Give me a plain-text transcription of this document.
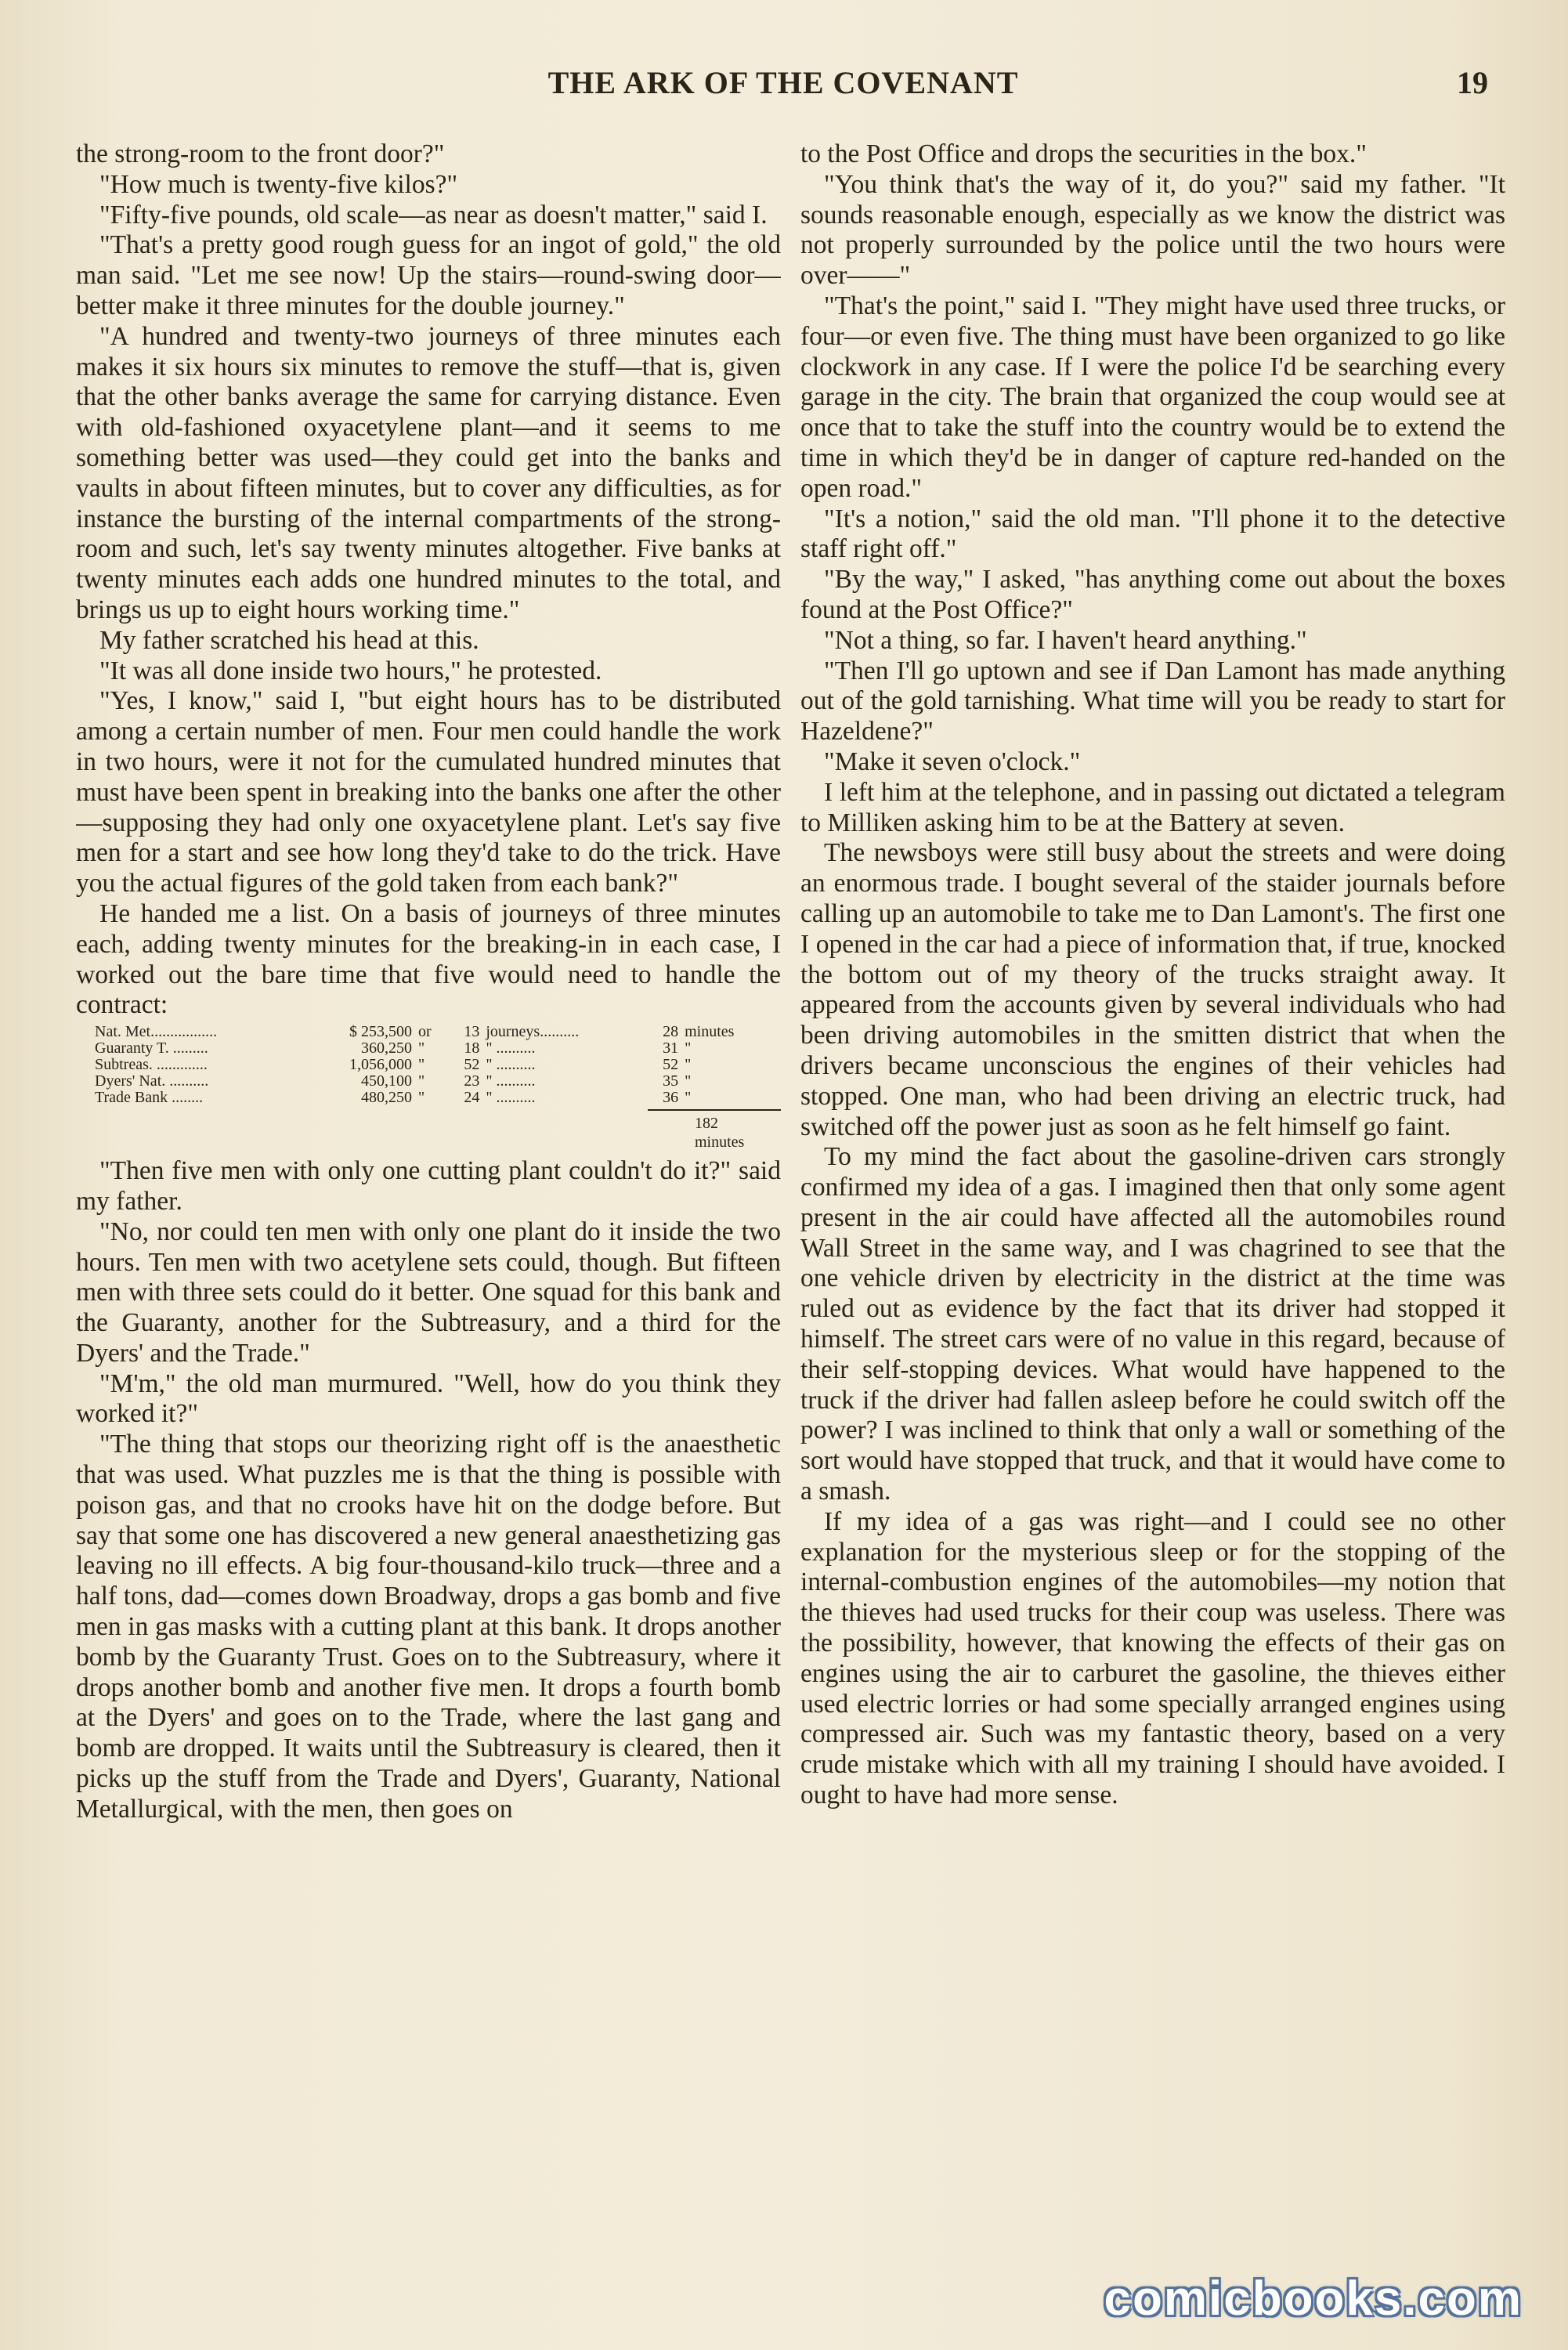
THE ARK OF THE COVENANT	19

the strong-room to the front door?"

"How much is twenty-five kilos?"

"Fifty-five pounds, old scale—as near as doesn't matter," said I.

"That's a pretty good rough guess for an ingot of gold," the old man said. "Let me see now! Up the stairs—round-swing door—better make it three minutes for the double journey."

"A hundred and twenty-two journeys of three minutes each makes it six hours six minutes to remove the stuff—that is, given that the other banks average the same for carrying distance. Even with old-fashioned oxyacetylene plant—and it seems to me something better was used—they could get into the banks and vaults in about fifteen minutes, but to cover any difficulties, as for instance the bursting of the internal compartments of the strong-room and such, let's say twenty minutes altogether. Five banks at twenty minutes each adds one hundred minutes to the total, and brings us up to eight hours working time."

My father scratched his head at this.

"It was all done inside two hours," he protested.

"Yes, I know," said I, "but eight hours has to be distributed among a certain number of men. Four men could handle the work in two hours, were it not for the cumulated hundred minutes that must have been spent in breaking into the banks one after the other—supposing they had only one oxyacetylene plant. Let's say five men for a start and see how long they'd take to do the trick. Have you the actual figures of the gold taken from each bank?"

He handed me a list. On a basis of journeys of three minutes each, adding twenty minutes for the breaking-in in each case, I worked out the bare time that five would need to handle the contract:

Nat. Met.................	$ 253,500	or	13	journeys..........	28	minutes
Guaranty T. .........	360,250	"	18	" ..........	31	"
Subtreas. .............	1,056,000	"	52	" ..........	52	"
Dyers' Nat. ..........	450,100	"	23	" ..........	35	"
Trade Bank ........	480,250	"	24	" ..........	36	"
182 minutes

"Then five men with only one cutting plant couldn't do it?" said my father.

"No, nor could ten men with only one plant do it inside the two hours. Ten men with two acetylene sets could, though. But fifteen men with three sets could do it better. One squad for this bank and the Guaranty, another for the Subtreasury, and a third for the Dyers' and the Trade."

"M'm," the old man murmured. "Well, how do you think they worked it?"

"The thing that stops our theorizing right off is the anaesthetic that was used. What puzzles me is that the thing is possible with poison gas, and that no crooks have hit on the dodge before. But say that some one has discovered a new general anaesthetizing gas leaving no ill effects. A big four-thousand-kilo truck—three and a half tons, dad—comes down Broadway, drops a gas bomb and five men in gas masks with a cutting plant at this bank. It drops another bomb by the Guaranty Trust. Goes on to the Subtreasury, where it drops another bomb and another five men. It drops a fourth bomb at the Dyers' and goes on to the Trade, where the last gang and bomb are dropped. It waits until the Subtreasury is cleared, then it picks up the stuff from the Trade and Dyers', Guaranty, National Metallurgical, with the men, then goes on

to the Post Office and drops the securities in the box."

"You think that's the way of it, do you?" said my father. "It sounds reasonable enough, especially as we know the district was not properly surrounded by the police until the two hours were over——"

"That's the point," said I. "They might have used three trucks, or four—or even five. The thing must have been organized to go like clockwork in any case. If I were the police I'd be searching every garage in the city. The brain that organized the coup would see at once that to take the stuff into the country would be to extend the time in which they'd be in danger of capture red-handed on the open road."

"It's a notion," said the old man. "I'll phone it to the detective staff right off."

"By the way," I asked, "has anything come out about the boxes found at the Post Office?"

"Not a thing, so far. I haven't heard anything."

"Then I'll go uptown and see if Dan Lamont has made anything out of the gold tarnishing. What time will you be ready to start for Hazeldene?"

"Make it seven o'clock."

I left him at the telephone, and in passing out dictated a telegram to Milliken asking him to be at the Battery at seven.

The newsboys were still busy about the streets and were doing an enormous trade. I bought several of the staider journals before calling up an automobile to take me to Dan Lamont's. The first one I opened in the car had a piece of information that, if true, knocked the bottom out of my theory of the trucks straight away. It appeared from the accounts given by several individuals who had been driving automobiles in the smitten district that when the drivers became unconscious the engines of their vehicles had stopped. One man, who had been driving an electric truck, had switched off the power just as soon as he felt himself go faint.

To my mind the fact about the gasoline-driven cars strongly confirmed my idea of a gas. I imagined then that only some agent present in the air could have affected all the automobiles round Wall Street in the same way, and I was chagrined to see that the one vehicle driven by electricity in the district at the time was ruled out as evidence by the fact that its driver had stopped it himself. The street cars were of no value in this regard, because of their self-stopping devices. What would have happened to the truck if the driver had fallen asleep before he could switch off the power? I was inclined to think that only a wall or something of the sort would have stopped that truck, and that it would have come to a smash.

If my idea of a gas was right—and I could see no other explanation for the mysterious sleep or for the stopping of the internal-combustion engines of the automobiles—my notion that the thieves had used trucks for their coup was useless. There was the possibility, however, that knowing the effects of their gas on engines using the air to carburet the gasoline, the thieves either used electric lorries or had some specially arranged engines using compressed air. Such was my fantastic theory, based on a very crude mistake which with all my training I should have avoided. I ought to have had more sense.

comicbooks.com
